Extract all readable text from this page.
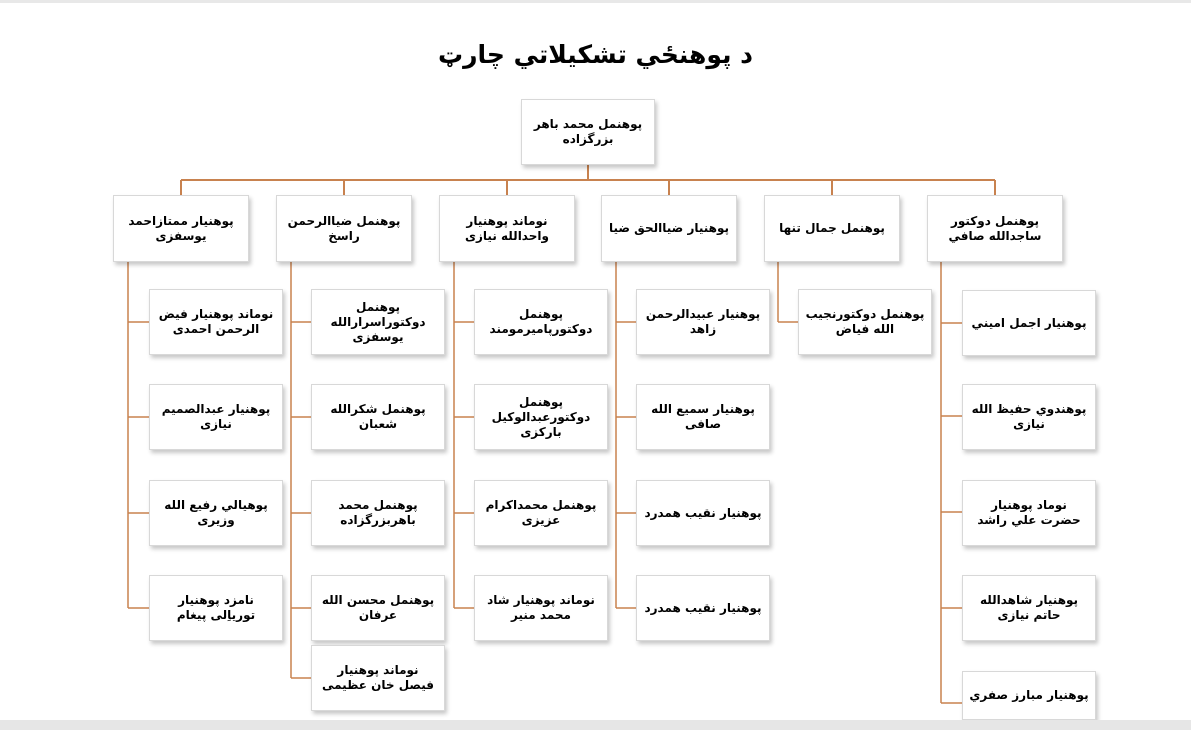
د پوهنځي تشکیلاتي چارټ
پوهنمل محمد باهر بزرگزاده
پوهنمل دوکتور ساجدالله صافي
پوهنمل جمال تنها
پوهنیار ضیاالحق ضیا
نوماند پوهنیار واحدالله نیازی
پوهنمل ضیاالرحمن راسخ
پوهنیار ممتازاحمد یوسفزی
پوهنیار اجمل امیني
پوهندوي حفیظ الله نیازی
نوماد پوهنیار حضرت علي راشد
پوهنیار شاهدالله حاتم نیازی
پوهنیار مبارز صفري
پوهنمل دوکتورنجیب الله فیاض
پوهنیار عبیدالرحمن زاهد
پوهنیار سمیع الله صافی
پوهنیار نقیب همدرد
پوهنیار نقیب همدرد
پوهنمل دوکتورپامیرمومند
پوهنمل دوکتورعبدالوکیل بارکزی
پوهنمل محمداکرام عزیزی
نوماند پوهنیار شاد محمد منیر
پوهنمل دوکتوراسرارالله یوسفزی
پوهنمل شکرالله شعبان
پوهنمل محمد باهربزرگزاده
پوهنمل محسن الله عرفان
نوماند پوهنیار فیصل خان عظیمی
نوماند پوهنیار فیض الرحمن احمدی
پوهنیار عبدالصمیم نیازی
پوهیالي رفیع الله وزیری
نامزد پوهنیار تورياِلی پیغام
